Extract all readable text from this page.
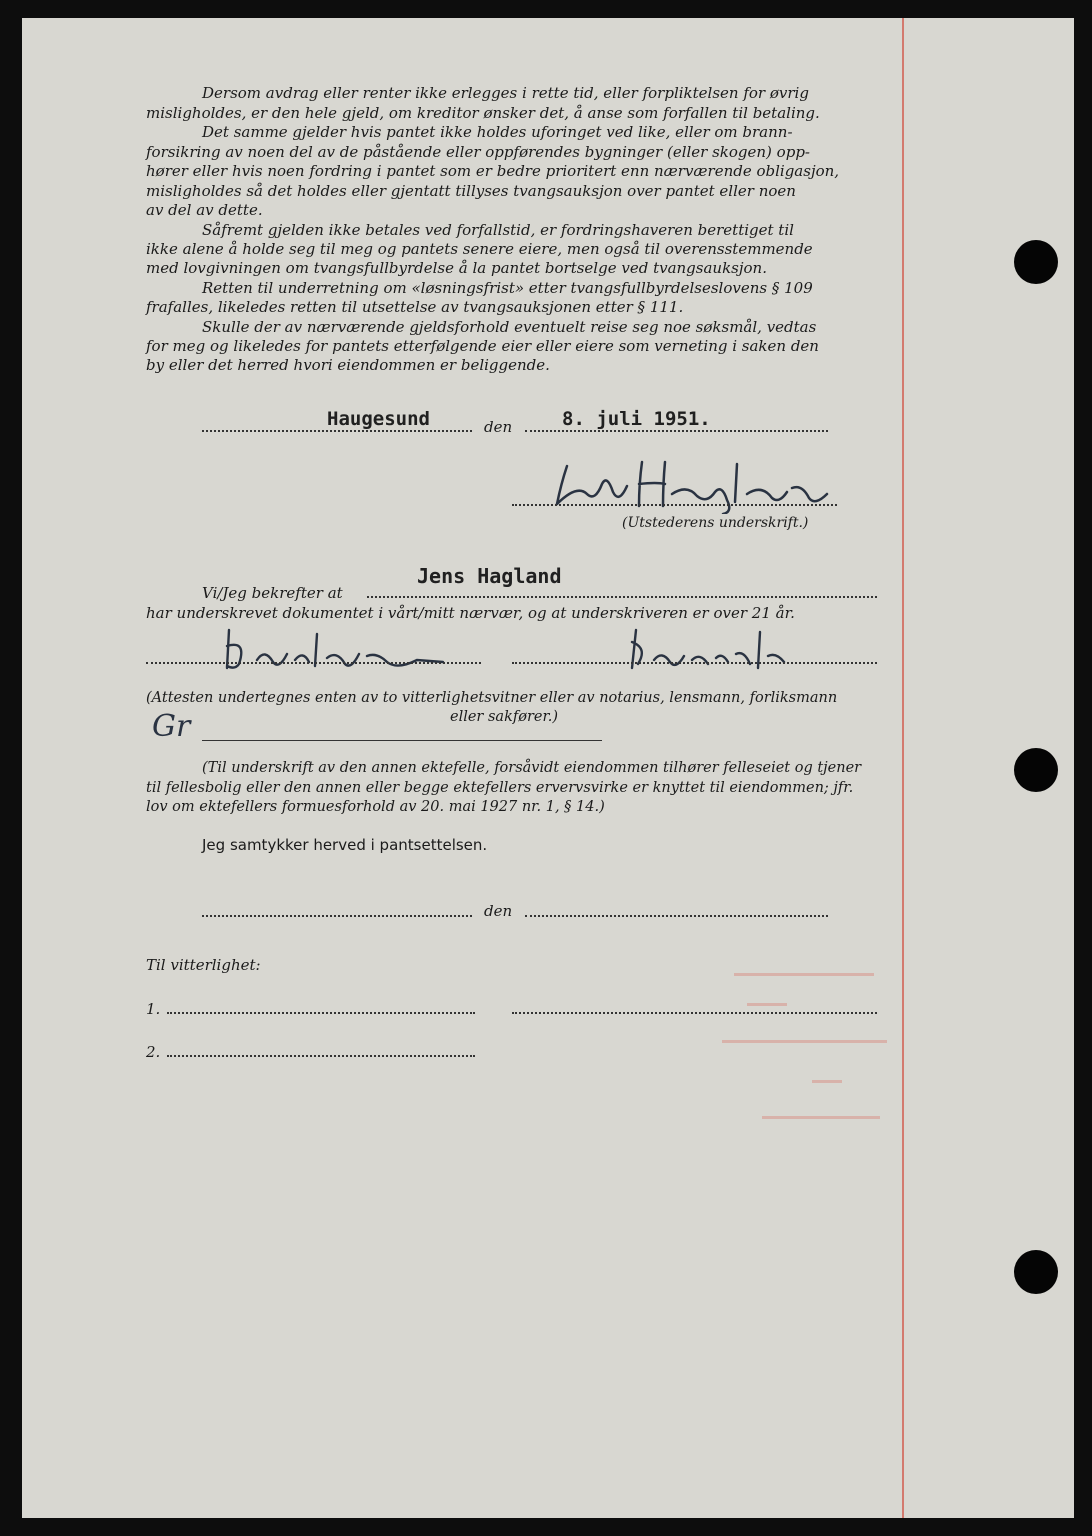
Dersom avdrag eller renter ikke erlegges i rette tid, eller forpliktelsen for øvrig
misligholdes, er den hele gjeld, om kreditor ønsker det, å anse som forfallen til betaling.
Det samme gjelder hvis pantet ikke holdes uforinget ved like, eller om brann-
forsikring av noen del av de påstående eller oppførendes bygninger (eller skogen) opp-
hører eller hvis noen fordring i pantet som er bedre prioritert enn nærværende obligasjon,
misligholdes så det holdes eller gjentatt tillyses tvangsauksjon over pantet eller noen
av del av dette.
Såfremt gjelden ikke betales ved forfallstid, er fordringshaveren berettiget til
ikke alene å holde seg til meg og pantets senere eiere, men også til overensstemmende
med lovgivningen om tvangsfullbyrdelse å la pantet bortselge ved tvangsauksjon.
Retten til underretning om «løsningsfrist» etter tvangsfullbyrdelseslovens § 109
frafalles, likeledes retten til utsettelse av tvangsauksjonen etter § 111.
Skulle der av nærværende gjeldsforhold eventuelt reise seg noe søksmål, vedtas
for meg og likeledes for pantets etterfølgende eier eller eiere som verneting i saken den
by eller det herred hvori eiendommen er beliggende.
Haugesund	den	8. juli 1951.
(Utstederens underskrift.)
Vi/Jeg bekrefter at
Jens Hagland
har underskrevet dokumentet i vårt/mitt nærvær, og at underskriveren er over 21 år.
(Attesten undertegnes enten av to vitterlighetsvitner eller av notarius, lensmann, forliksmann
eller sakfører.)
Gr
(Til underskrift av den annen ektefelle, forsåvidt eiendommen tilhører felleseiet og tjener
til fellesbolig eller den annen eller begge ektefellers ervervsvirke er knyttet til eiendommen; jfr.
lov om ektefellers formuesforhold av 20. mai 1927 nr. 1, § 14.)
Jeg samtykker herved i pantsettelsen.
den
Til vitterlighet:
1.
2.
